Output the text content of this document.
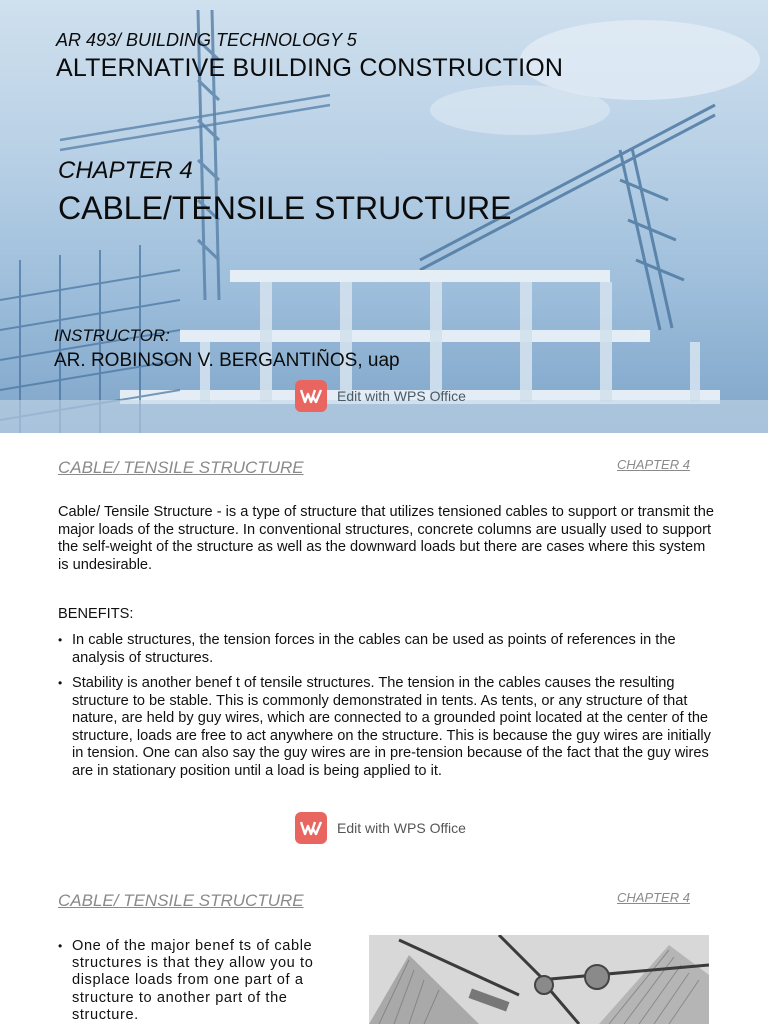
AR 493/ BUILDING TECHNOLOGY 5
ALTERNATIVE BUILDING CONSTRUCTION
CHAPTER 4
CABLE/TENSILE STRUCTURE
INSTRUCTOR:
AR. ROBINSON V. BERGANTIÑOS, uap
Edit with WPS Office
CABLE/ TENSILE STRUCTURE	CHAPTER 4
Cable/ Tensile Structure - is a type of structure that utilizes tensioned cables to support or transmit the major loads of the structure. In conventional structures, concrete columns are usually used to support the self-weight of the structure as well as the downward loads but there are cases where this system is undesirable.
BENEFITS:
• In cable structures, the tension forces in the cables can be used as points of references in the analysis of structures.
• Stability is another benef t of tensile structures. The tension in the cables causes the resulting structure to be stable. This is commonly demonstrated in tents. As tents, or any structure of that nature, are held by guy wires, which are connected to a grounded point located at the center of the structure, loads are free to act anywhere on the structure. This is because the guy wires are initially in tension. One can also say the guy wires are in pre-tension because of the fact that the guy wires are in stationary position until a load is being applied to it.
Edit with WPS Office
CABLE/ TENSILE STRUCTURE	CHAPTER 4
• One of the major benef ts of cable structures is that they allow you to displace loads from one part of a structure to another part of the structure.
